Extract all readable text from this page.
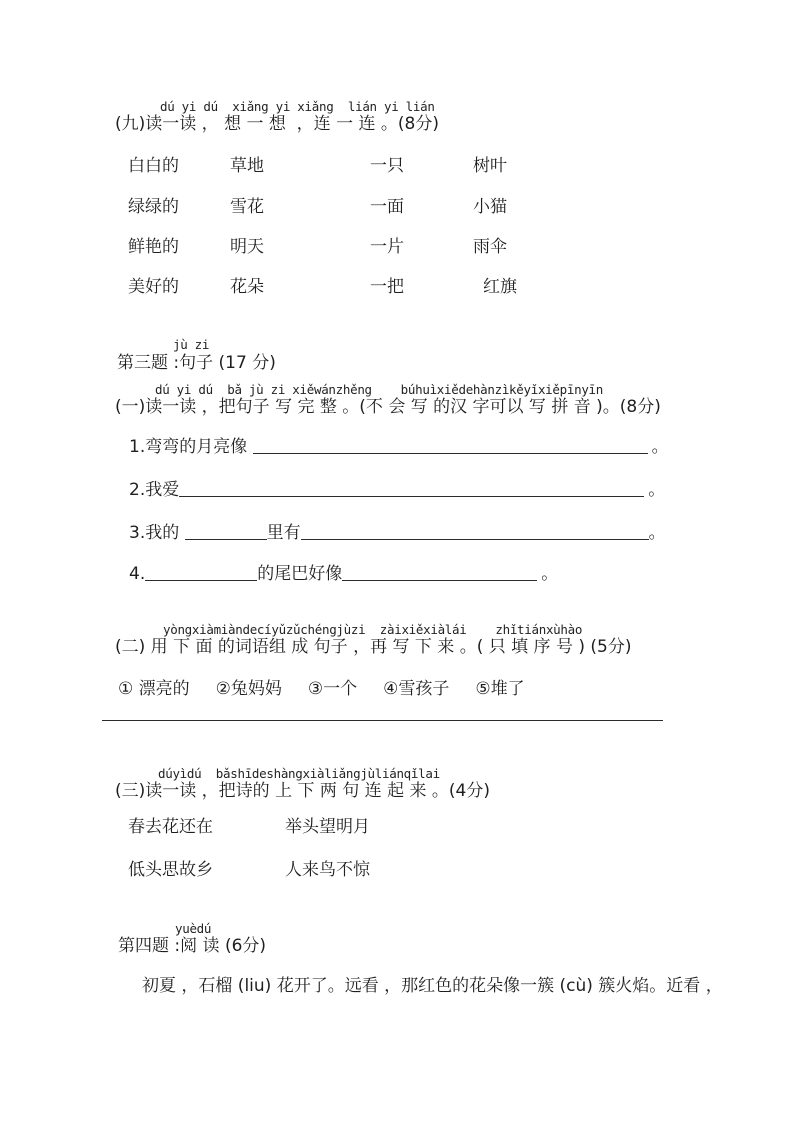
dú yi dú  xiǎng yi xiǎng  lián yi lián
(九)读一读 ， 想 一 想  ，连 一 连 。(8分)
白白的	草地	一只	树叶
绿绿的	雪花	一面	小猫
鲜艳的	明天	一片	雨伞
美好的	花朵	一把	红旗
jù zi
第三题 :句子 (17 分)
dú yi dú  bǎ jù zi xiěwánzhěng    búhuìxiědehànzìkěyǐxiěpīnyīn
(一)读一读 ，把句子 写 完 整 。(不 会 写 的汉 字可以 写 拼 音 )。(8分)
1.弯弯的月亮像	。
2.我爱	。
3.我的	里有	。
4.	的尾巴好像	。
yòngxiàmiàndecíyǔzǔchéngjùzi  zàixiěxiàlái    zhǐtiánxùhào
(二) 用 下 面 的词语组 成 句子 ，再 写 下 来 。( 只 填 序 号 ) (5分)
① 漂亮的 ②兔妈妈 ③一个 ④雪孩子 ⑤堆了
dúyìdú  bǎshīdeshàngxiàliǎngjùliánqǐlai
(三)读一读 ，把诗的 上 下 两 句 连 起 来 。(4分)
春去花还在	举头望明月
低头思故乡	人来鸟不惊
yuèdú
第四题 :阅 读 (6分)
初夏 ，石榴 (liu) 花开了。远看 ，那红色的花朵像一簇 (cù) 簇火焰。近看 ，
